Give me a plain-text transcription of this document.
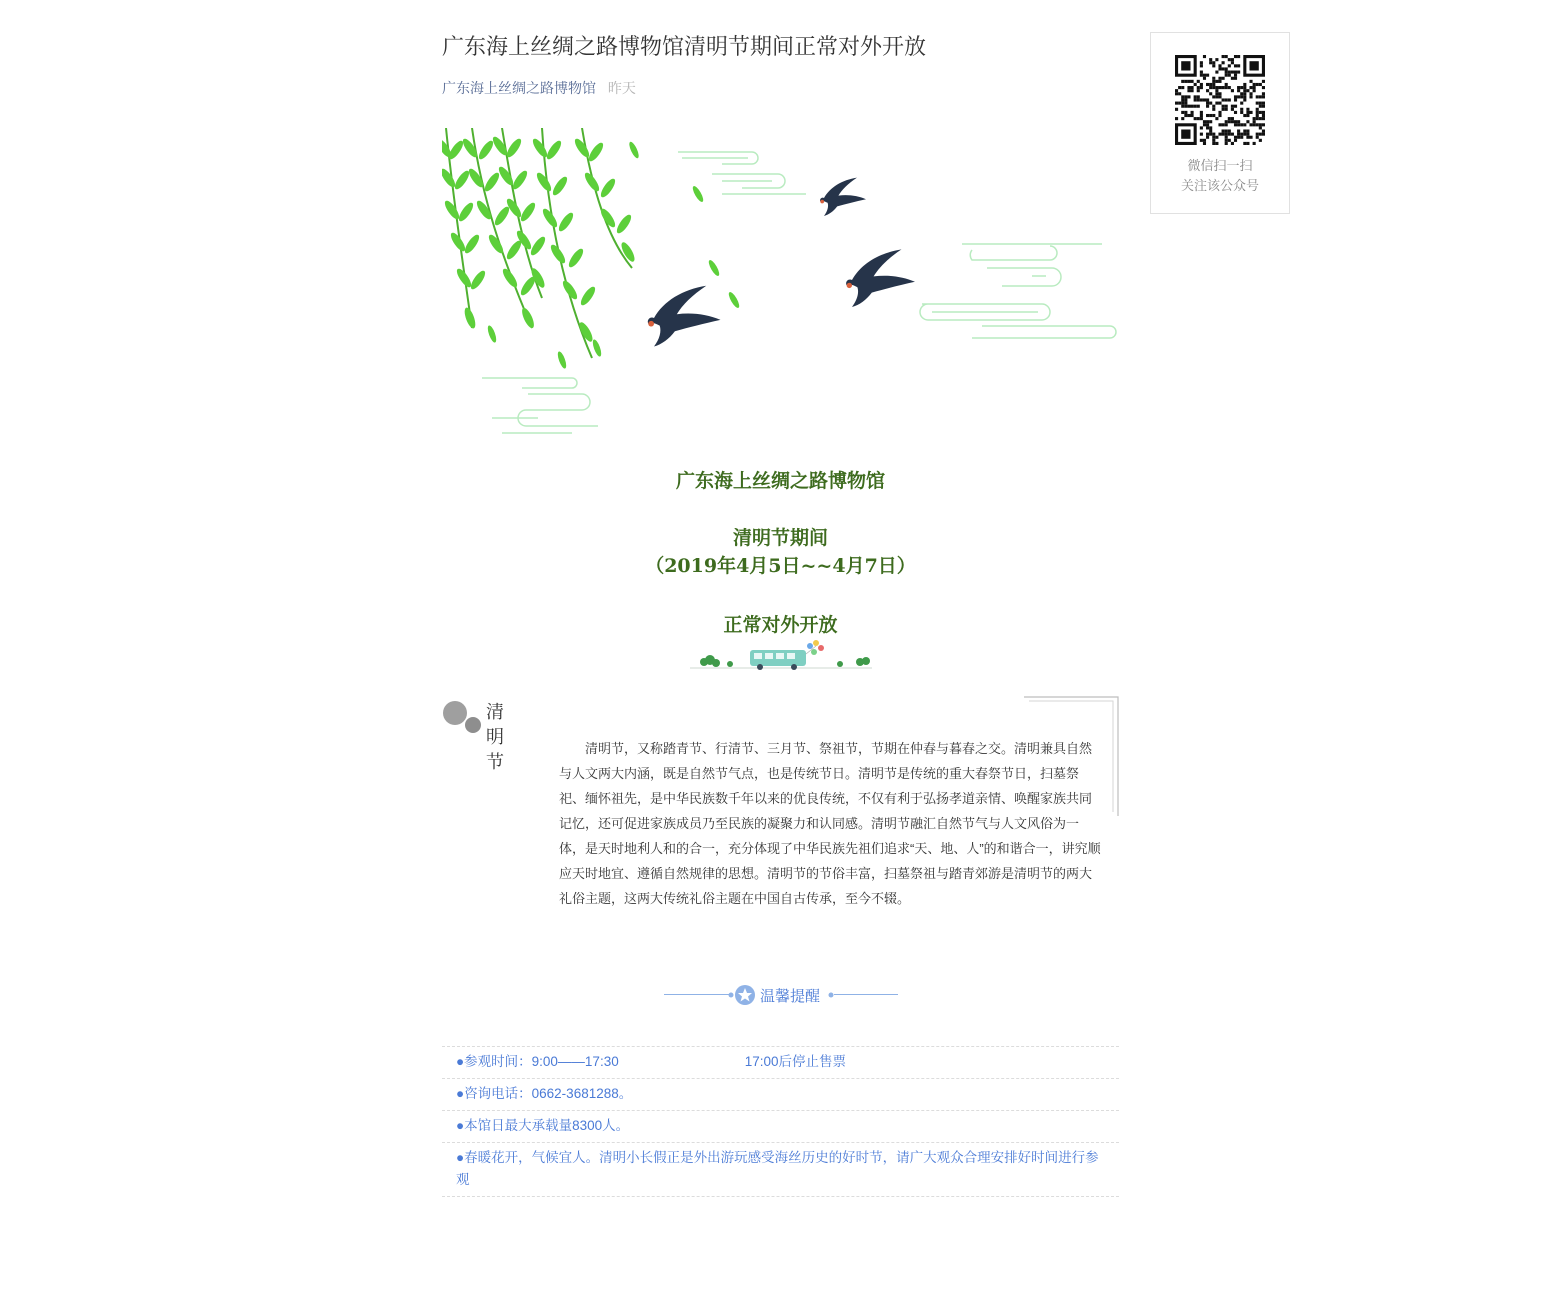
广东海上丝绸之路博物馆清明节期间正常对外开放
广东海上丝绸之路博物馆 昨天
广东海上丝绸之路博物馆
清明节期间
（2019年4月5日~~4月7日）
正常对外开放
清
明
节

清明节，又称踏青节、行清节、三月节、祭祖节，节期在仲春与暮春之交。清明兼具自然与人文两大内涵，既是自然节气点，也是传统节日。清明节是传统的重大春祭节日，扫墓祭祀、缅怀祖先，是中华民族数千年以来的优良传统，不仅有利于弘扬孝道亲情、唤醒家族共同记忆，还可促进家族成员乃至民族的凝聚力和认同感。清明节融汇自然节气与人文风俗为一体，是天时地利人和的合一，充分体现了中华民族先祖们追求“天、地、人”的和谐合一，讲究顺应天时地宜、遵循自然规律的思想。清明节的节俗丰富，扫墓祭祖与踏青郊游是清明节的两大礼俗主题，这两大传统礼俗主题在中国自古传承，至今不辍。

温馨提醒
●参观时间：9:00——17:30	17:00后停止售票
●咨询电话：0662-3681288。
●本馆日最大承载量8300人。
●春暖花开，气候宜人。清明小长假正是外出游玩感受海丝历史的好时节，请广大观众合理安排好时间进行参观
微信扫一扫
关注该公众号
